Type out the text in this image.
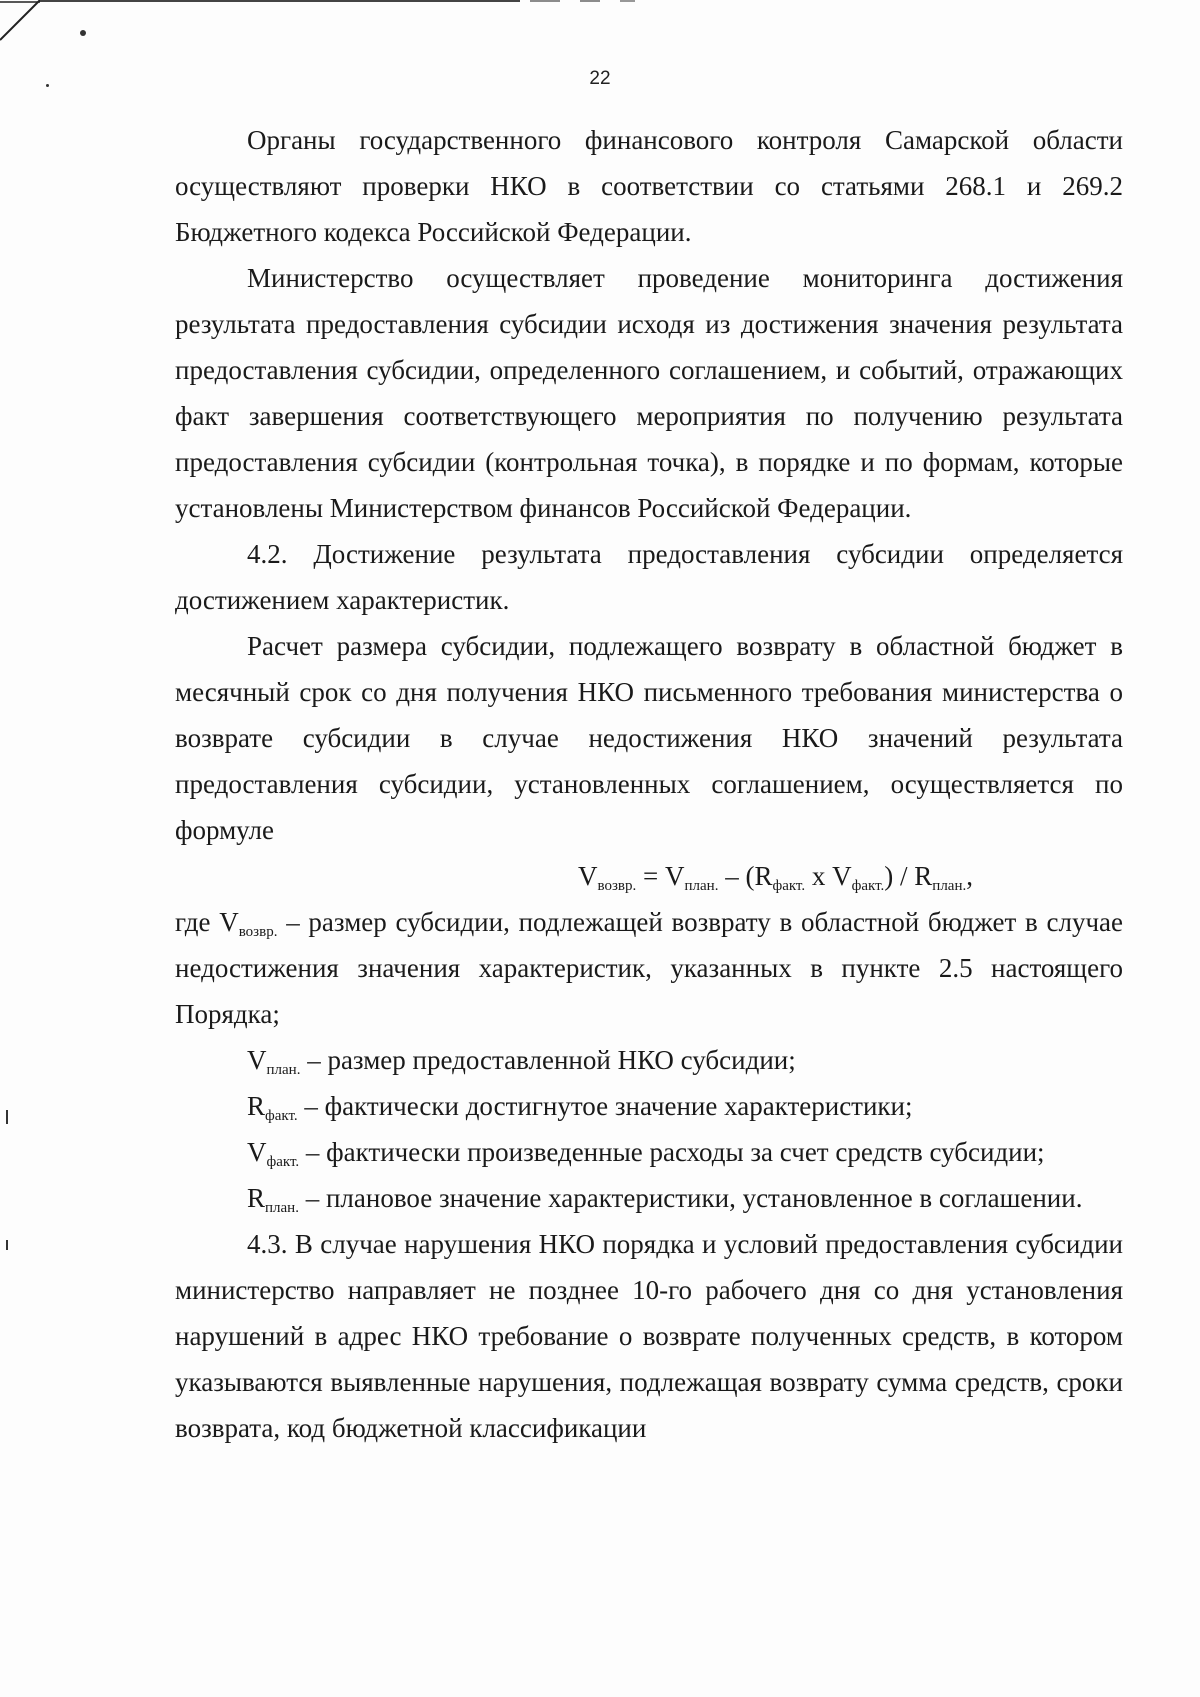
22

Органы государственного финансового контроля Самарской области осуществляют проверки НКО в соответствии со статьями 268.1 и 269.2 Бюджетного кодекса Российской Федерации.

Министерство осуществляет проведение мониторинга достижения результата предоставления субсидии исходя из достижения значения результата предоставления субсидии, определенного соглашением, и событий, отражающих факт завершения соответствующего мероприятия по получению результата предоставления субсидии (контрольная точка), в порядке и по формам, которые установлены Министерством финансов Российской Федерации.

4.2. Достижение результата предоставления субсидии определяется достижением характеристик.

Расчет размера субсидии, подлежащего возврату в областной бюджет в месячный срок со дня получения НКО письменного требования министерства о возврате субсидии в случае недостижения НКО значений результата предоставления субсидии, установленных соглашением, осуществляется по формуле

$V_{возвр.} = V_{план.} - (R_{факт.}$ х $V_{факт.}) / R_{план.}$,

где $V_{возвр.}$ – размер субсидии, подлежащей возврату в областной бюджет в случае недостижения значения характеристик, указанных в пункте 2.5 настоящего Порядка;

$V_{план.}$ – размер предоставленной НКО субсидии;

$R_{факт.}$ – фактически достигнутое значение характеристики;

$V_{факт.}$ – фактически произведенные расходы за счет средств субсидии;

$R_{план.}$ – плановое значение характеристики, установленное в соглашении.

4.3. В случае нарушения НКО порядка и условий предоставления субсидии министерство направляет не позднее 10-го рабочего дня со дня установления нарушений в адрес НКО требование о возврате полученных средств, в котором указываются выявленные нарушения, подлежащая возврату сумма средств, сроки возврата, код бюджетной классификации
